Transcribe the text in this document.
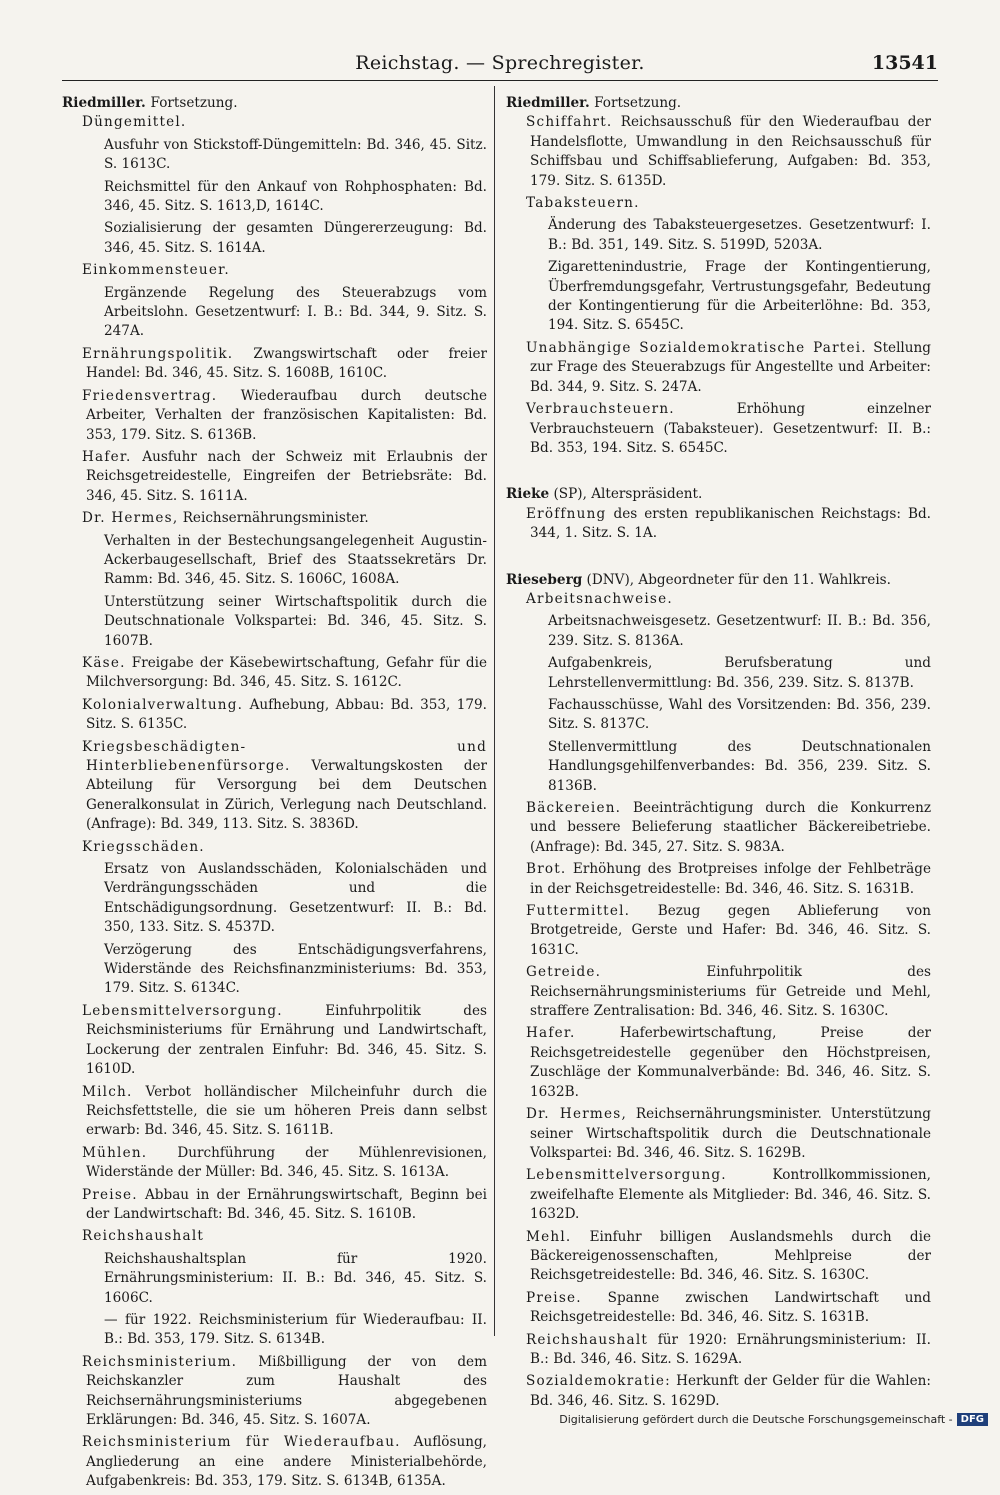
Reichstag. — Sprechregister.	13541
Riedmiller. Fortsetzung.
Düngemittel.
Ausfuhr von Stickstoff-Düngemitteln: Bd. 346, 45. Sitz. S. 1613C.
Reichsmittel für den Ankauf von Rohphosphaten: Bd. 346, 45. Sitz. S. 1613,D, 1614C.
Sozialisierung der gesamten Düngererzeugung: Bd. 346, 45. Sitz. S. 1614A.
Einkommensteuer.
Ergänzende Regelung des Steuerabzugs vom Arbeitslohn. Gesetzentwurf: I. B.: Bd. 344, 9. Sitz. S. 247A.
Ernährungspolitik. Zwangswirtschaft oder freier Handel: Bd. 346, 45. Sitz. S. 1608B, 1610C.
Friedensvertrag. Wiederaufbau durch deutsche Arbeiter, Verhalten der französischen Kapitalisten: Bd. 353, 179. Sitz. S. 6136B.
Hafer. Ausfuhr nach der Schweiz mit Erlaubnis der Reichsgetreidestelle, Eingreifen der Betriebsräte: Bd. 346, 45. Sitz. S. 1611A.
Dr. Hermes, Reichsernährungsminister.
Verhalten in der Bestechungsangelegenheit Augustin-Ackerbaugesellschaft, Brief des Staatssekretärs Dr. Ramm: Bd. 346, 45. Sitz. S. 1606C, 1608A.
Unterstützung seiner Wirtschaftspolitik durch die Deutschnationale Volkspartei: Bd. 346, 45. Sitz. S. 1607B.
Käse. Freigabe der Käsebewirtschaftung, Gefahr für die Milchversorgung: Bd. 346, 45. Sitz. S. 1612C.
Kolonialverwaltung. Aufhebung, Abbau: Bd. 353, 179. Sitz. S. 6135C.
Kriegsbeschädigten- und Hinterbliebenenfürsorge. Verwaltungskosten der Abteilung für Versorgung bei dem Deutschen Generalkonsulat in Zürich, Verlegung nach Deutschland. (Anfrage): Bd. 349, 113. Sitz. S. 3836D.
Kriegsschäden.
Ersatz von Auslandsschäden, Kolonialschäden und Verdrängungsschäden und die Entschädigungsordnung. Gesetzentwurf: II. B.: Bd. 350, 133. Sitz. S. 4537D.
Verzögerung des Entschädigungsverfahrens, Widerstände des Reichsfinanzministeriums: Bd. 353, 179. Sitz. S. 6134C.
Lebensmittelversorgung. Einfuhrpolitik des Reichsministeriums für Ernährung und Landwirtschaft, Lockerung der zentralen Einfuhr: Bd. 346, 45. Sitz. S. 1610D.
Milch. Verbot holländischer Milcheinfuhr durch die Reichsfettstelle, die sie um höheren Preis dann selbst erwarb: Bd. 346, 45. Sitz. S. 1611B.
Mühlen. Durchführung der Mühlenrevisionen, Widerstände der Müller: Bd. 346, 45. Sitz. S. 1613A.
Preise. Abbau in der Ernährungswirtschaft, Beginn bei der Landwirtschaft: Bd. 346, 45. Sitz. S. 1610B.
Reichshaushalt
Reichshaushaltsplan für 1920. Ernährungsministerium: II. B.: Bd. 346, 45. Sitz. S. 1606C.
— für 1922. Reichsministerium für Wiederaufbau: II. B.: Bd. 353, 179. Sitz. S. 6134B.
Reichsministerium. Mißbilligung der von dem Reichskanzler zum Haushalt des Reichsernährungsministeriums abgegebenen Erklärungen: Bd. 346, 45. Sitz. S. 1607A.
Reichsministerium für Wiederaufbau. Auflösung, Angliederung an eine andere Ministerialbehörde, Aufgabenkreis: Bd. 353, 179. Sitz. S. 6134B, 6135A.
Riedmiller. Fortsetzung.
Schiffahrt. Reichsausschuß für den Wiederaufbau der Handelsflotte, Umwandlung in den Reichsausschuß für Schiffsbau und Schiffsablieferung, Aufgaben: Bd. 353, 179. Sitz. S. 6135D.
Tabaksteuern.
Änderung des Tabaksteuergesetzes. Gesetzentwurf: I. B.: Bd. 351, 149. Sitz. S. 5199D, 5203A.
Zigarettenindustrie, Frage der Kontingentierung, Überfremdungsgefahr, Vertrustungsgefahr, Bedeutung der Kontingentierung für die Arbeiterlöhne: Bd. 353, 194. Sitz. S. 6545C.
Unabhängige Sozialdemokratische Partei. Stellung zur Frage des Steuerabzugs für Angestellte und Arbeiter: Bd. 344, 9. Sitz. S. 247A.
Verbrauchsteuern. Erhöhung einzelner Verbrauchsteuern (Tabaksteuer). Gesetzentwurf: II. B.: Bd. 353, 194. Sitz. S. 6545C.
Rieke (SP), Alterspräsident.
Eröffnung des ersten republikanischen Reichstags: Bd. 344, 1. Sitz. S. 1A.
Rieseberg (DNV), Abgeordneter für den 11. Wahlkreis.
Arbeitsnachweise.
Arbeitsnachweisgesetz. Gesetzentwurf: II. B.: Bd. 356, 239. Sitz. S. 8136A.
Aufgabenkreis, Berufsberatung und Lehrstellenvermittlung: Bd. 356, 239. Sitz. S. 8137B.
Fachausschüsse, Wahl des Vorsitzenden: Bd. 356, 239. Sitz. S. 8137C.
Stellenvermittlung des Deutschnationalen Handlungsgehilfenverbandes: Bd. 356, 239. Sitz. S. 8136B.
Bäckereien. Beeinträchtigung durch die Konkurrenz und bessere Belieferung staatlicher Bäckereibetriebe. (Anfrage): Bd. 345, 27. Sitz. S. 983A.
Brot. Erhöhung des Brotpreises infolge der Fehlbeträge in der Reichsgetreidestelle: Bd. 346, 46. Sitz. S. 1631B.
Futtermittel. Bezug gegen Ablieferung von Brotgetreide, Gerste und Hafer: Bd. 346, 46. Sitz. S. 1631C.
Getreide. Einfuhrpolitik des Reichsernährungsministeriums für Getreide und Mehl, straffere Zentralisation: Bd. 346, 46. Sitz. S. 1630C.
Hafer. Haferbewirtschaftung, Preise der Reichsgetreidestelle gegenüber den Höchstpreisen, Zuschläge der Kommunalverbände: Bd. 346, 46. Sitz. S. 1632B.
Dr. Hermes, Reichsernährungsminister. Unterstützung seiner Wirtschaftspolitik durch die Deutschnationale Volkspartei: Bd. 346, 46. Sitz. S. 1629B.
Lebensmittelversorgung. Kontrollkommissionen, zweifelhafte Elemente als Mitglieder: Bd. 346, 46. Sitz. S. 1632D.
Mehl. Einfuhr billigen Auslandsmehls durch die Bäckereigenossenschaften, Mehlpreise der Reichsgetreidestelle: Bd. 346, 46. Sitz. S. 1630C.
Preise. Spanne zwischen Landwirtschaft und Reichsgetreidestelle: Bd. 346, 46. Sitz. S. 1631B.
Reichshaushalt für 1920: Ernährungsministerium: II. B.: Bd. 346, 46. Sitz. S. 1629A.
Sozialdemokratie: Herkunft der Gelder für die Wahlen: Bd. 346, 46. Sitz. S. 1629D.
Digitalisierung gefördert durch die Deutsche Forschungsgemeinschaft - DFG
